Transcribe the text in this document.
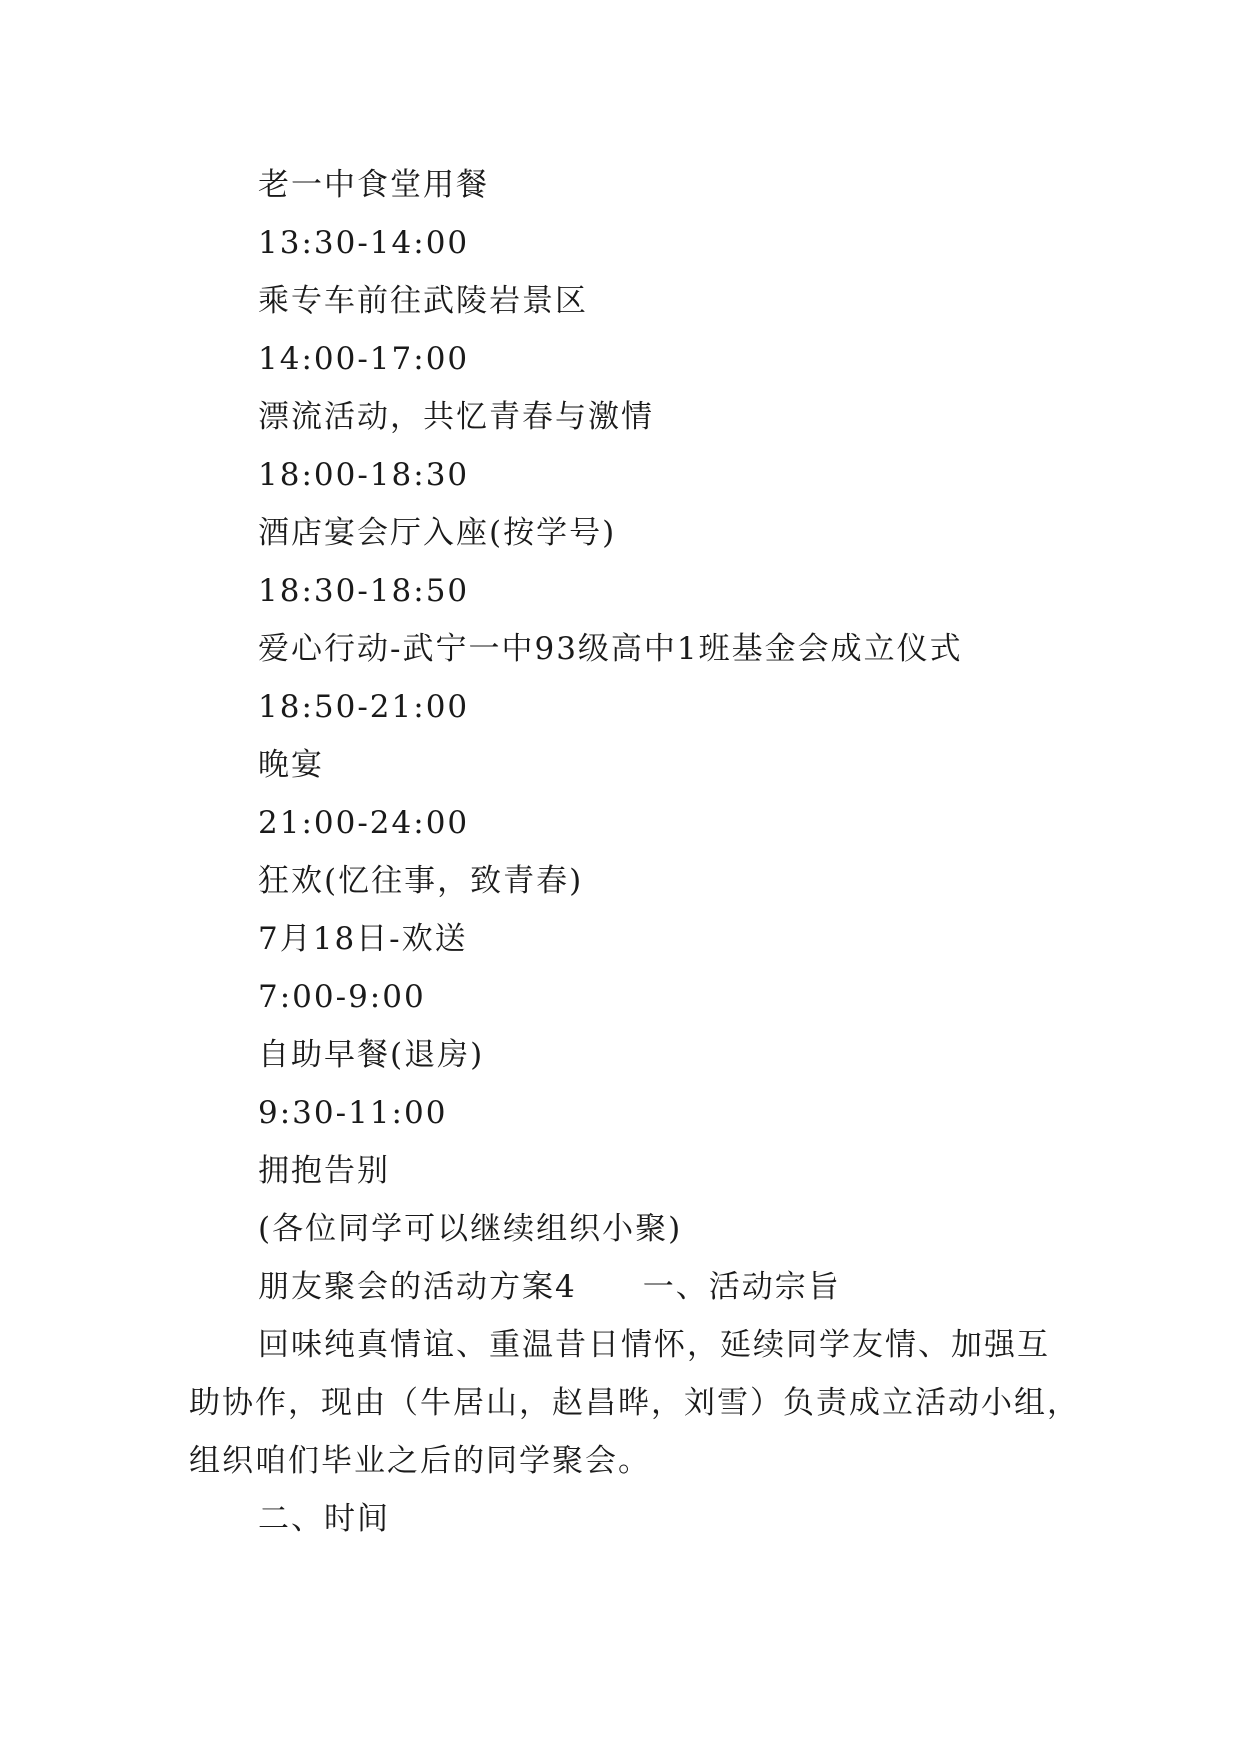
老一中食堂用餐
13:30-14:00
乘专车前往武陵岩景区
14:00-17:00
漂流活动，共忆青春与激情
18:00-18:30
酒店宴会厅入座(按学号)
18:30-18:50
爱心行动-武宁一中93级高中1班基金会成立仪式
18:50-21:00
晚宴
21:00-24:00
狂欢(忆往事，致青春)
7月18日-欢送
7:00-9:00
自助早餐(退房)
9:30-11:00
拥抱告别
(各位同学可以继续组织小聚)
朋友聚会的活动方案4 一、活动宗旨
回味纯真情谊、重温昔日情怀，延续同学友情、加强互
助协作，现由（牛居山，赵昌晔，刘雪）负责成立活动小组，
组织咱们毕业之后的同学聚会。
二、时间
